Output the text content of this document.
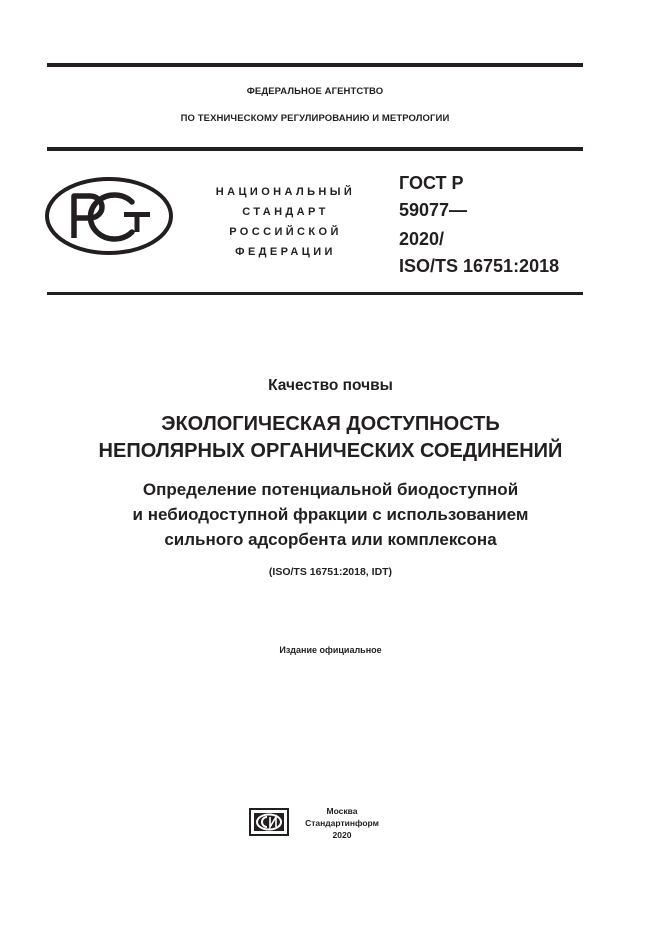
ФЕДЕРАЛЬНОЕ АГЕНТСТВО
ПО ТЕХНИЧЕСКОМУ РЕГУЛИРОВАНИЮ И МЕТРОЛОГИИ
НАЦИОНАЛЬНЫЙ
СТАНДАРТ
РОССИЙСКОЙ
ФЕДЕРАЦИИ
ГОСТ Р
59077—
2020/
ISO/TS 16751:2018
Качество почвы
ЭКОЛОГИЧЕСКАЯ ДОСТУПНОСТЬ
НЕПОЛЯРНЫХ ОРГАНИЧЕСКИХ СОЕДИНЕНИЙ
Определение потенциальной биодоступной
и небиодоступной фракции с использованием
сильного адсорбента или комплексона
(ISO/TS 16751:2018, IDT)
Издание официальное
Москва
Стандартинформ
2020
